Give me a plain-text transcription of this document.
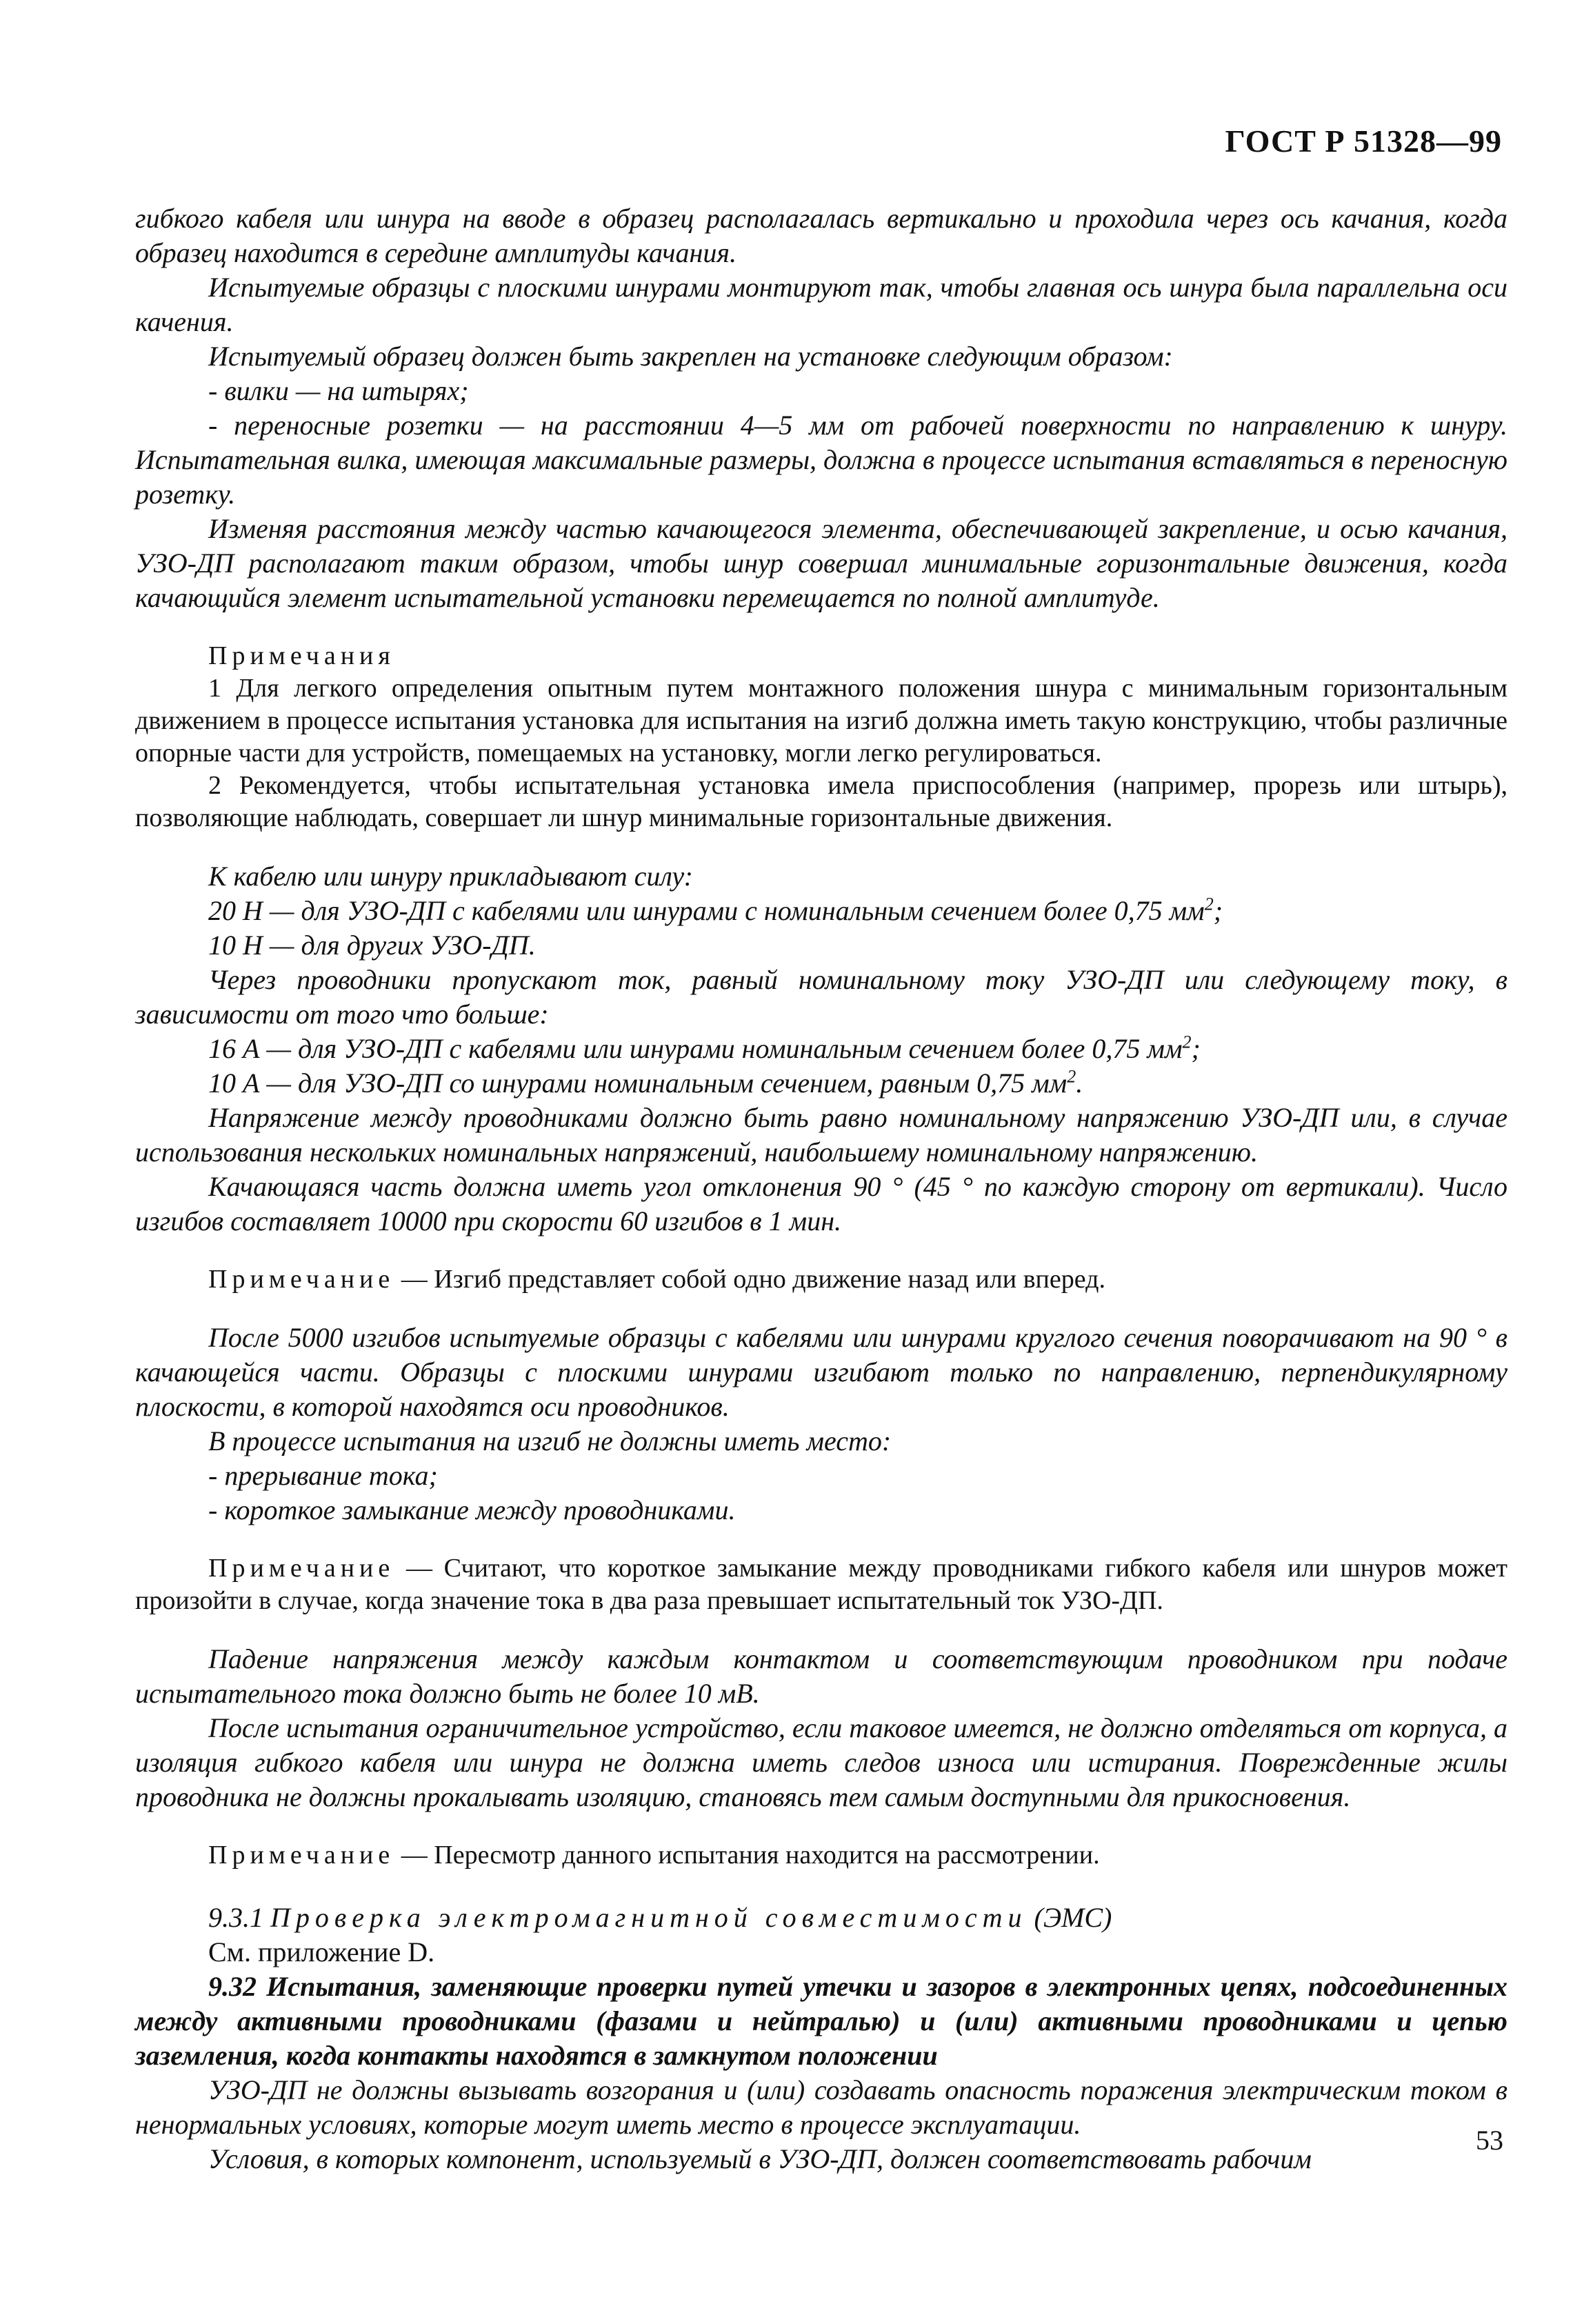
ГОСТ Р 51328—99

гибкого кабеля или шнура на вводе в образец располагалась вертикально и проходила через ось качания, когда образец находится в середине амплитуды качания.

Испытуемые образцы с плоскими шнурами монтируют так, чтобы главная ось шнура была параллельна оси качения.

Испытуемый образец должен быть закреплен на установке следующим образом:

- вилки — на штырях;

- переносные розетки — на расстоянии 4—5 мм от рабочей поверхности по направлению к шнуру. Испытательная вилка, имеющая максимальные размеры, должна в процессе испытания вставляться в переносную розетку.

Изменяя расстояния между частью качающегося элемента, обеспечивающей закрепление, и осью качания, УЗО-ДП располагают таким образом, чтобы шнур совершал минимальные горизонтальные движения, когда качающийся элемент испытательной установки перемещается по полной амплитуде.

Примечания

1 Для легкого определения опытным путем монтажного положения шнура с минимальным горизонтальным движением в процессе испытания установка для испытания на изгиб должна иметь такую конструкцию, чтобы различные опорные части для устройств, помещаемых на установку, могли легко регулироваться.

2 Рекомендуется, чтобы испытательная установка имела приспособления (например, прорезь или штырь), позволяющие наблюдать, совершает ли шнур минимальные горизонтальные движения.

К кабелю или шнуру прикладывают силу:

20 Н — для УЗО-ДП с кабелями или шнурами с номинальным сечением более 0,75 $мм^2$;

10 Н — для других УЗО-ДП.

Через проводники пропускают ток, равный номинальному току УЗО-ДП или следующему току, в зависимости от того что больше:

16 А — для УЗО-ДП с кабелями или шнурами номинальным сечением более 0,75 $мм^2$;

10 А — для УЗО-ДП со шнурами номинальным сечением, равным 0,75 $мм^2$.

Напряжение между проводниками должно быть равно номинальному напряжению УЗО-ДП или, в случае использования нескольких номинальных напряжений, наибольшему номинальному напряжению.

Качающаяся часть должна иметь угол отклонения 90 ° (45 ° по каждую сторону от вертикали). Число изгибов составляет 10000 при скорости 60 изгибов в 1 мин.

Примечание — Изгиб представляет собой одно движение назад или вперед.

После 5000 изгибов испытуемые образцы с кабелями или шнурами круглого сечения поворачивают на 90 ° в качающейся части. Образцы с плоскими шнурами изгибают только по направлению, перпендикулярному плоскости, в которой находятся оси проводников.

В процессе испытания на изгиб не должны иметь место:

- прерывание тока;

- короткое замыкание между проводниками.

Примечание — Считают, что короткое замыкание между проводниками гибкого кабеля или шнуров может произойти в случае, когда значение тока в два раза превышает испытательный ток УЗО-ДП.

Падение напряжения между каждым контактом и соответствующим проводником при подаче испытательного тока должно быть не более 10 мВ.

После испытания ограничительное устройство, если таковое имеется, не должно отделяться от корпуса, а изоляция гибкого кабеля или шнура не должна иметь следов износа или истирания. Поврежденные жилы проводника не должны прокалывать изоляцию, становясь тем самым доступными для прикосновения.

Примечание — Пересмотр данного испытания находится на рассмотрении.

9.3.1 Проверка электромагнитной совместимости (ЭМС)

См. приложение D.

9.32 Испытания, заменяющие проверки путей утечки и зазоров в электронных цепях, подсоединенных между активными проводниками (фазами и нейтралью) и (или) активными проводниками и цепью заземления, когда контакты находятся в замкнутом положении

УЗО-ДП не должны вызывать возгорания и (или) создавать опасность поражения электрическим током в ненормальных условиях, которые могут иметь место в процессе эксплуатации.

Условия, в которых компонент, используемый в УЗО-ДП, должен соответствовать рабочим

53
